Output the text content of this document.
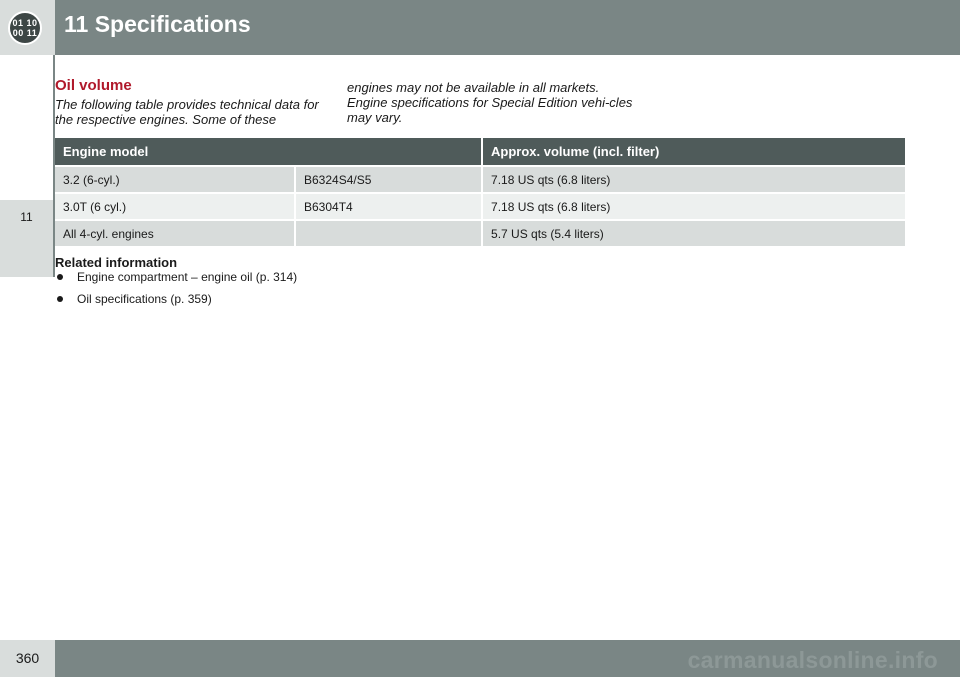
01 10
00 11 11 Specifications
11
Oil volume

The following table provides technical data for the respective engines. Some of these

engines may not be available in all markets. Engine specifications for Special Edition vehi-cles may vary.

Engine model		Approx. volume (incl. filter)
3.2 (6-cyl.)	B6324S4/S5	7.18 US qts (6.8 liters)
3.0T (6 cyl.)	B6304T4	7.18 US qts (6.8 liters)
All 4-cyl. engines		5.7 US qts (5.4 liters)
Related information
Engine compartment – engine oil (p. 314)
Oil specifications (p. 359)
360	carmanualsonline.info
